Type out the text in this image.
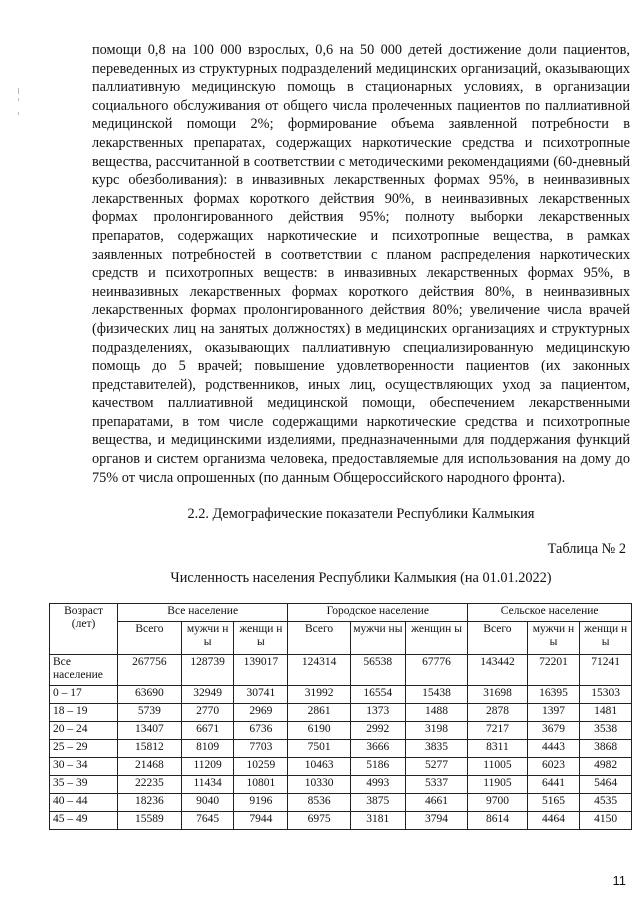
помощи 0,8 на 100 000 взрослых, 0,6 на 50 000 детей достижение доли пациентов, переведенных из структурных подразделений медицинских организаций, оказывающих паллиативную медицинскую помощь в стационарных условиях, в организации социального обслуживания от общего числа пролеченных пациентов по паллиативной медицинской помощи 2%; формирование объема заявленной потребности в лекарственных препаратах, содержащих наркотические средства и психотропные вещества, рассчитанной в соответствии с методическими рекомендациями (60-дневный курс обезболивания): в инвазивных лекарственных формах 95%, в неинвазивных лекарственных формах короткого действия 90%, в неинвазивных лекарственных формах пролонгированного действия 95%; полноту выборки лекарственных препаратов, содержащих наркотические и психотропные вещества, в рамках заявленных потребностей в соответствии с планом распределения наркотических средств и психотропных веществ: в инвазивных лекарственных формах 95%, в неинвазивных лекарственных формах короткого действия 80%, в неинвазивных лекарственных формах пролонгированного действия 80%; увеличение числа врачей (физических лиц на занятых должностях) в медицинских организациях и структурных подразделениях, оказывающих паллиативную специализированную медицинскую помощь до 5 врачей; повышение удовлетворенности пациентов (их законных представителей), родственников, иных лиц, осуществляющих уход за пациентом, качеством паллиативной медицинской помощи, обеспечением лекарственными препаратами, в том числе содержащими наркотические средства и психотропные вещества, и медицинскими изделиями, предназначенными для поддержания функций органов и систем организма человека, предоставляемые для использования на дому до 75% от числа опрошенных (по данным Общероссийского народного фронта).
2.2. Демографические показатели Республики Калмыкия
Таблица № 2
Численность населения Республики Калмыкия (на 01.01.2022)
Возраст (лет)	Все население			Городское население			Сельское население		
	Всего	мужчи ны	женщи ны	Всего	мужчи ны	женщин ы	Всего	мужчи ны	женщи ны
Все население	267756	128739	139017	124314	56538	67776	143442	72201	71241
0 – 17	63690	32949	30741	31992	16554	15438	31698	16395	15303
18 – 19	5739	2770	2969	2861	1373	1488	2878	1397	1481
20 – 24	13407	6671	6736	6190	2992	3198	7217	3679	3538
25 – 29	15812	8109	7703	7501	3666	3835	8311	4443	3868
30 – 34	21468	11209	10259	10463	5186	5277	11005	6023	4982
35 – 39	22235	11434	10801	10330	4993	5337	11905	6441	5464
40 – 44	18236	9040	9196	8536	3875	4661	9700	5165	4535
45 – 49	15589	7645	7944	6975	3181	3794	8614	4464	4150
11
